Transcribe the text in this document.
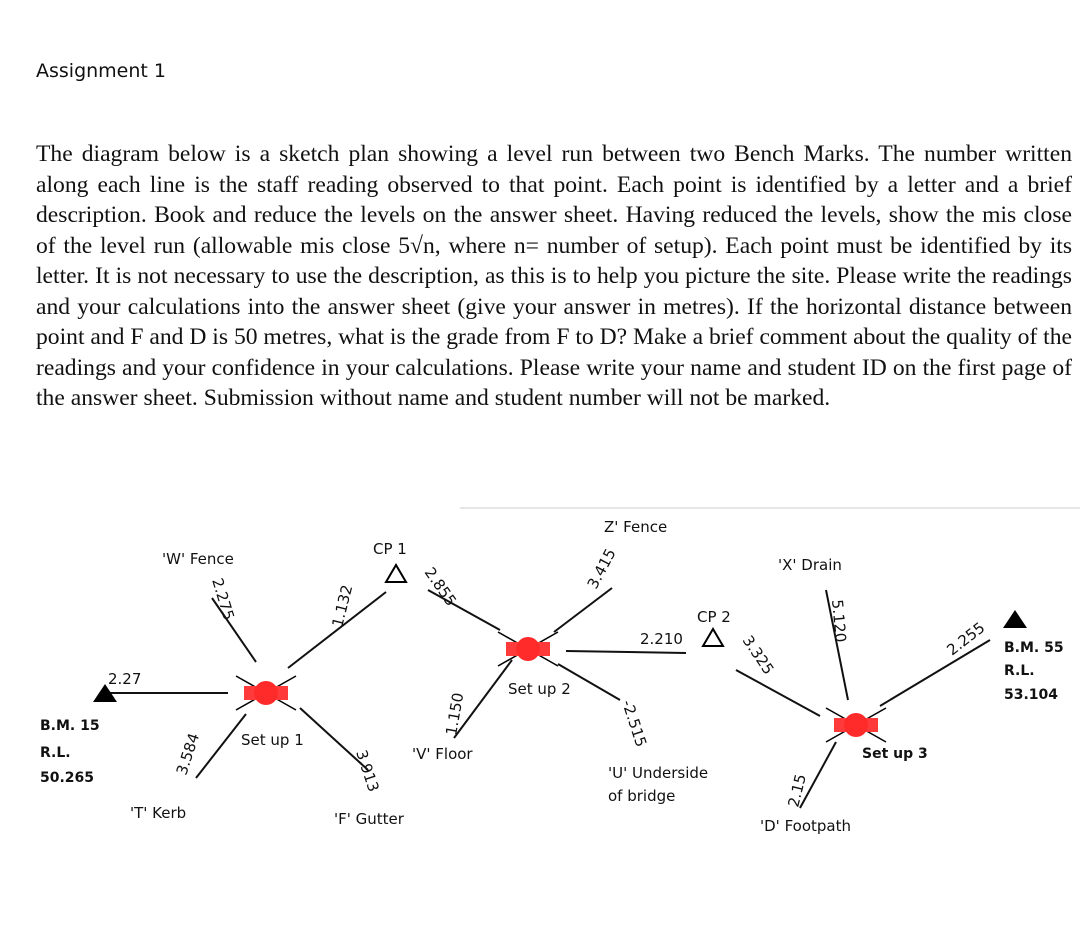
Assignment 1

The diagram below is a sketch plan showing a level run between two Bench Marks. The number written along each line is the staff reading observed to that point. Each point is identified by a letter and a brief description. Book and reduce the levels on the answer sheet. Having reduced the levels, show the mis close of the level run (allowable mis close 5√n, where n= number of setup). Each point must be identified by its letter. It is not necessary to use the description, as this is to help you picture the site. Please write the readings and your calculations into the answer sheet (give your answer in metres). If the horizontal distance between point and F and D is 50 metres, what is the grade from F to D? Make a brief comment about the quality of the readings and your confidence in your calculations. Please write your name and student ID on the first page of the answer sheet. Submission without name and student number will not be marked.

B.M. 15
R.L.
50.265
B.M. 55
R.L.
53.104
Set up 1
Set up 2
Set up 3
'W' Fence
'T' Kerb
CP 1
'F' Gutter
'V' Floor
Z' Fence
CP 2
'U' Underside
of bridge
'X' Drain
'D' Footpath
2.27
2.275
3.584
1.132	2.855
3.913
1.150
3.415
2.210
-2.515
3.325
5.120
2.15
2.255
